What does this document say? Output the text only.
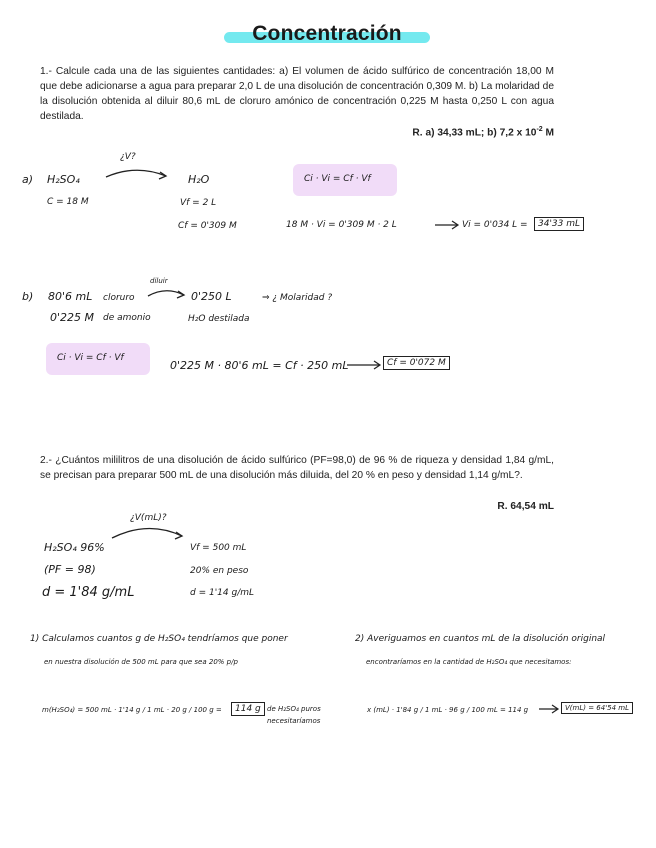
Concentración
1.- Calcule cada una de las siguientes cantidades: a) El volumen de ácido sulfúrico de concentración 18,00 M que debe adicionarse a agua para preparar 2,0 L de una disolución de concentración 0,309 M. b) La molaridad de la disolución obtenida al diluir 80,6 mL de cloruro amónico de concentración 0,225 M hasta 0,250 L con agua destilada.
R. a) 34,33 mL; b) 7,2 x $10^{-2}$ M
a) H₂SO₄
¿V?
H₂O
C = 18 M	Vf = 2 L
Cf = 0'309 M
Ci · Vi = Cf · Vf
18 M · Vi = 0'309 M · 2 L	Vi = 0'034 L =	34'33 mL
b) 80'6 mL cloruro
0'225 M de amonio
diluir
0'250 L
H₂O destilada
⇒ ¿ Molaridad ?
Ci · Vi = Cf · Vf
0'225 M · 80'6 mL = Cf · 250 mL	Cf = 0'072 M
2.- ¿Cuántos mililitros de una disolución de ácido sulfúrico (PF=98,0) de 96 % de riqueza y densidad 1,84 g/mL, se precisan para preparar 500 mL de una disolución más diluida, del 20 % en peso y densidad 1,14 g/mL?.
R. 64,54 mL
¿V(mL)?
H₂SO₄ 96%
(PF = 98)
d = 1'84 g/mL
Vf = 500 mL
20% en peso
d = 1'14 g/mL
1) Calculamos cuantos g de H₂SO₄ tendríamos que poner
en nuestra disolución de 500 mL para que sea 20% p/p
m(H₂SO₄) = 500 mL · 1'14 g / 1 mL · 20 g / 100 g =	114 g de H₂SO₄ puros
necesitaríamos
2) Averiguamos en cuantos mL de la disolución original
encontraríamos en la cantidad de H₂SO₄ que necesitamos:
x (mL) · 1'84 g / 1 mL · 96 g / 100 mL = 114 g	V(mL) = 64'54 mL
